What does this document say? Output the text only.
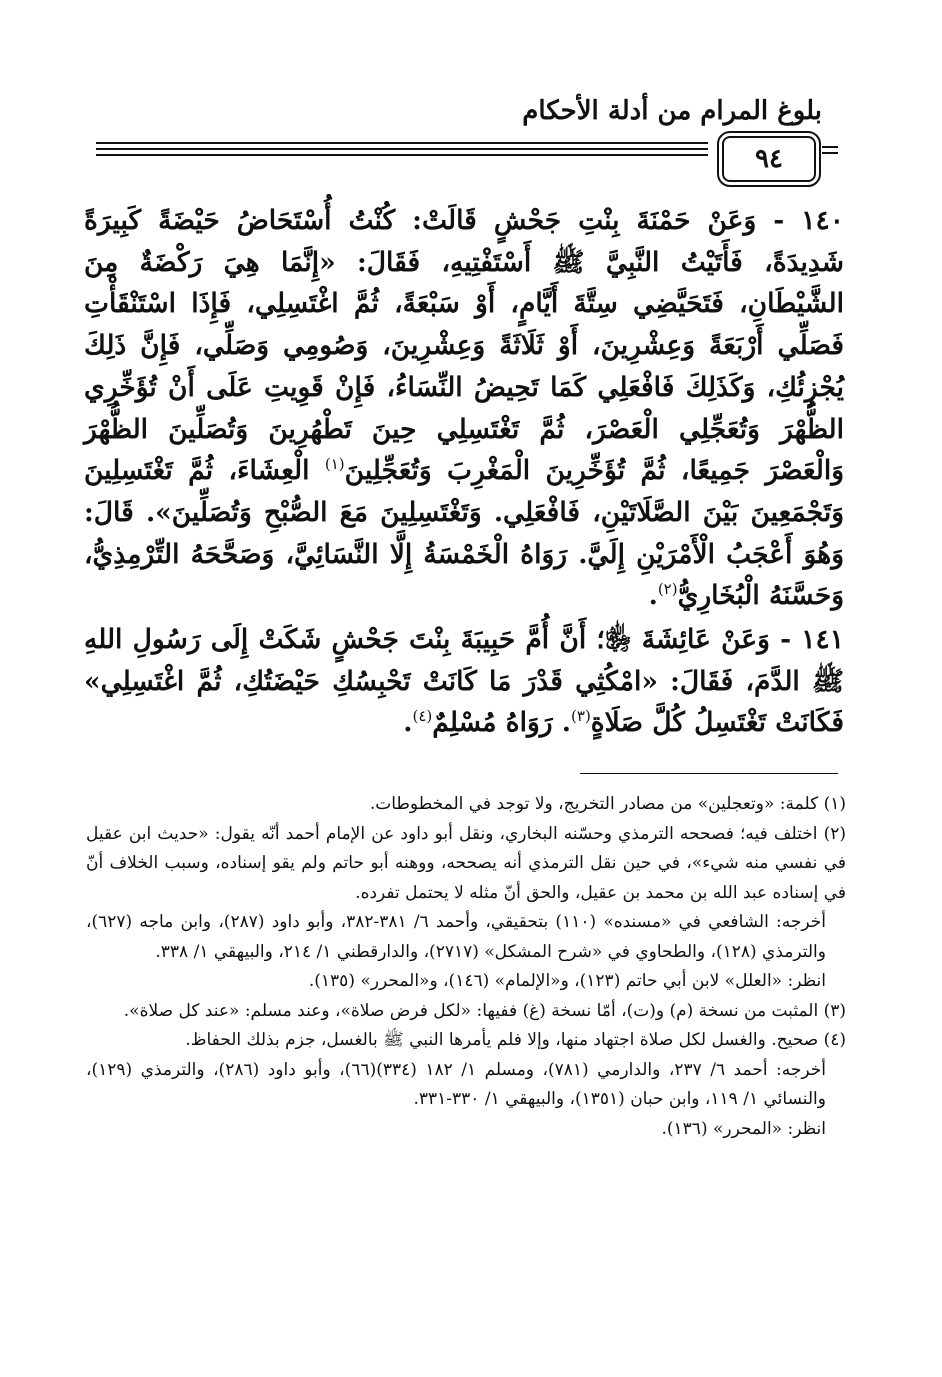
بلوغ المرام من أدلة الأحكام
٩٤

١٤٠ - وَعَنْ حَمْنَةَ بِنْتِ جَحْشٍ قَالَتْ: كُنْتُ أُسْتَحَاضُ حَيْضَةً كَبِيرَةً شَدِيدَةً، فَأَتَيْتُ النَّبِيَّ ﷺ أَسْتَفْتِيهِ، فَقَالَ: «إِنَّمَا هِيَ رَكْضَةٌ مِنَ الشَّيْطَانِ، فَتَحَيَّضِي سِتَّةَ أَيَّامٍ، أَوْ سَبْعَةً، ثُمَّ اغْتَسِلِي، فَإِذَا اسْتَنْقَأْتِ فَصَلِّي أَرْبَعَةً وَعِشْرِينَ، أَوْ ثَلَاثَةً وَعِشْرِينَ، وَصُومِي وَصَلِّي، فَإِنَّ ذَلِكَ يُجْزِئُكِ، وَكَذَلِكَ فَافْعَلِي كَمَا تَحِيضُ النِّسَاءُ، فَإِنْ قَوِيتِ عَلَى أَنْ تُؤَخِّرِي الظُّهْرَ وَتُعَجِّلِي الْعَصْرَ، ثُمَّ تَغْتَسِلِي حِينَ تَطْهُرِينَ وَتُصَلِّينَ الظُّهْرَ وَالْعَصْرَ جَمِيعًا، ثُمَّ تُؤَخِّرِينَ الْمَغْرِبَ وَتُعَجِّلِينَ$^{(١)}$ الْعِشَاءَ، ثُمَّ تَغْتَسِلِينَ وَتَجْمَعِينَ بَيْنَ الصَّلَاتَيْنِ، فَافْعَلِي. وَتَغْتَسِلِينَ مَعَ الصُّبْحِ وَتُصَلِّينَ». قَالَ: وَهُوَ أَعْجَبُ الْأَمْرَيْنِ إِلَيَّ. رَوَاهُ الْخَمْسَةُ إِلَّا النَّسَائِيَّ، وَصَحَّحَهُ التِّرْمِذِيُّ، وَحَسَّنَهُ الْبُخَارِيُّ$^{(٢)}$.

١٤١ - وَعَنْ عَائِشَةَ ﵂؛ أَنَّ أُمَّ حَبِيبَةَ بِنْتَ جَحْشٍ شَكَتْ إِلَى رَسُولِ اللهِ ﷺ الدَّمَ، فَقَالَ: «امْكُثِي قَدْرَ مَا كَانَتْ تَحْبِسُكِ حَيْضَتُكِ، ثُمَّ اغْتَسِلِي» فَكَانَتْ تَغْتَسِلُ كُلَّ صَلَاةٍ$^{(٣)}$. رَوَاهُ مُسْلِمٌ$^{(٤)}$.

(١) كلمة: «وتعجلين» من مصادر التخريج، ولا توجد في المخطوطات.

(٢) اختلف فيه؛ فصححه الترمذي وحسّنه البخاري، ونقل أبو داود عن الإمام أحمد أنّه يقول: «حديث ابن عقيل في نفسي منه شيء»، في حين نقل الترمذي أنه يصححه، ووهنه أبو حاتم ولم يقو إسناده، وسبب الخلاف أنّ في إسناده عبد الله بن محمد بن عقيل، والحق أنّ مثله لا يحتمل تفرده.

أخرجه: الشافعي في «مسنده» (١١٠) بتحقيقي، وأحمد ٦/ ٣٨١-٣٨٢، وأبو داود (٢٨٧)، وابن ماجه (٦٢٧)، والترمذي (١٢٨)، والطحاوي في «شرح المشكل» (٢٧١٧)، والدارقطني ١/ ٢١٤، والبيهقي ١/ ٣٣٨.

انظر: «العلل» لابن أبي حاتم (١٢٣)، و«الإلمام» (١٤٦)، و«المحرر» (١٣٥).

(٣) المثبت من نسخة (م) و(ت)، أمّا نسخة (غ) ففيها: «لكل فرض صلاة»، وعند مسلم: «عند كل صلاة».

(٤) صحيح. والغسل لكل صلاة اجتهاد منها، وإلا فلم يأمرها النبي ﷺ بالغسل، جزم بذلك الحفاظ.

أخرجه: أحمد ٦/ ٢٣٧، والدارمي (٧٨١)، ومسلم ١/ ١٨٢ (٣٣٤)(٦٦)، وأبو داود (٢٨٦)، والترمذي (١٢٩)، والنسائي ١/ ١١٩، وابن حبان (١٣٥١)، والبيهقي ١/ ٣٣٠-٣٣١.

انظر: «المحرر» (١٣٦).
